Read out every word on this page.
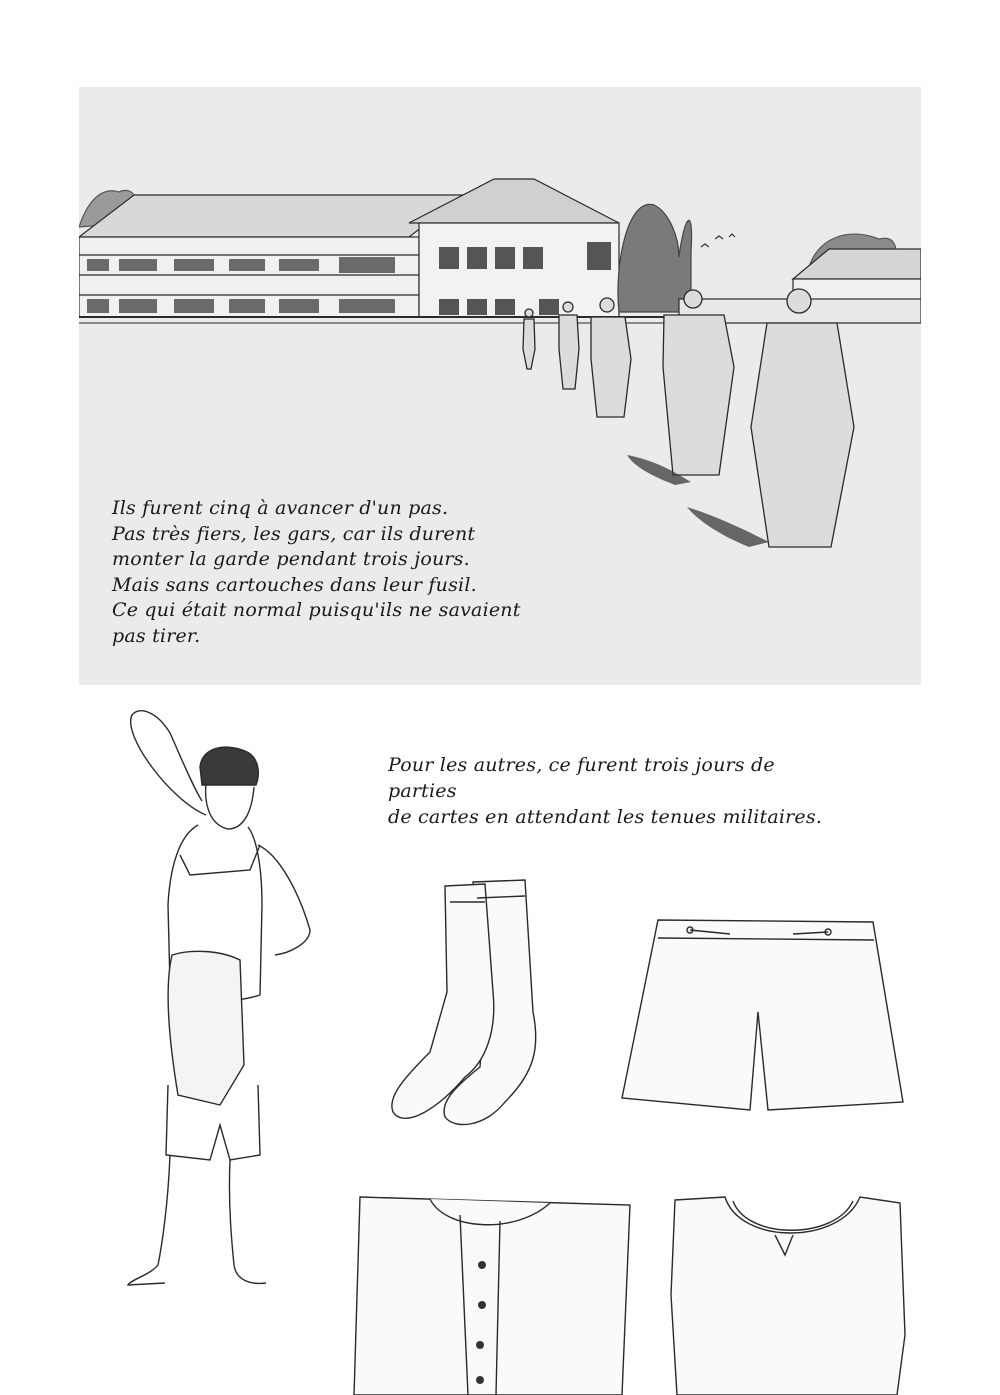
Ils furent cinq à avancer d'un pas.
Pas très fiers, les gars, car ils durent
monter la garde pendant trois jours.
Mais sans cartouches dans leur fusil.
Ce qui était normal puisqu'ils ne savaient
pas tirer.
Pour les autres, ce furent trois jours de parties
de cartes en attendant les tenues militaires.
